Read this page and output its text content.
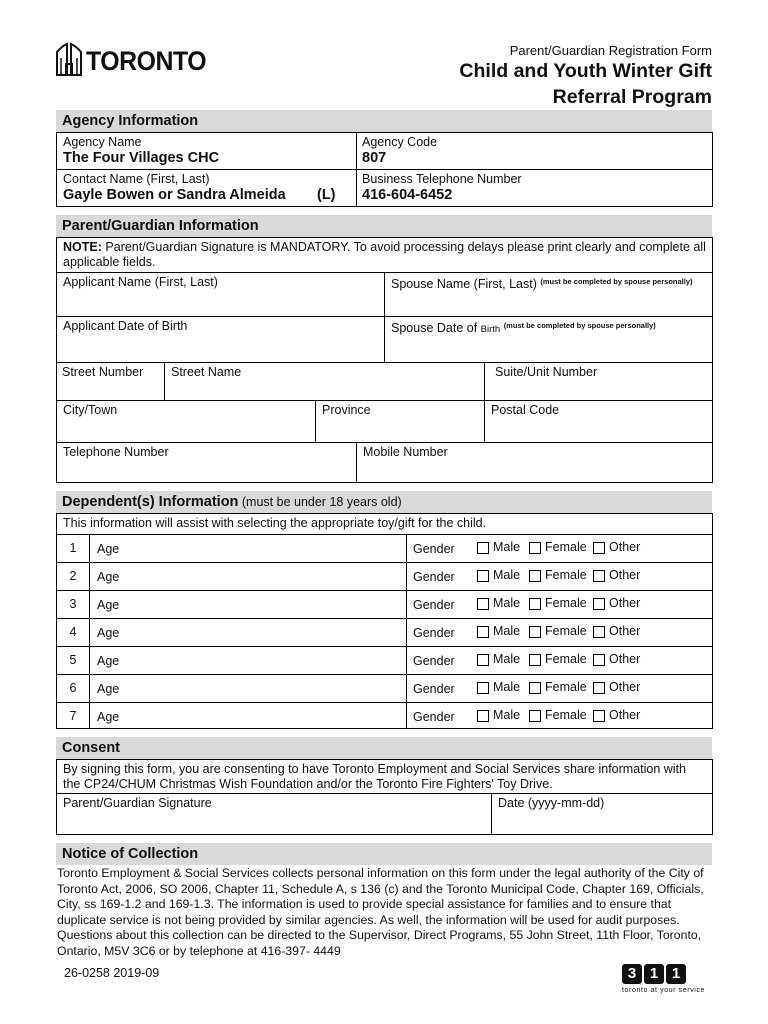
TORONTO	Parent/Guardian Registration Form
Child and Youth Winter Gift
Referral Program
Agency Information
Agency Name
The Four Villages CHC
Agency Code
807
Contact Name (First, Last)
Gayle Bowen or Sandra Almeida (L)
Business Telephone Number
416-604-6452
Parent/Guardian Information
NOTE: Parent/Guardian Signature is MANDATORY. To avoid processing delays please print clearly and complete all applicable fields.
Applicant Name (First, Last)	Spouse Name (First, Last) $^{(must be completed by spouse personally)}$
Applicant Date of Birth	Spouse Date of Birth $^{(must be completed by spouse personally)}$
Street Number	Street Name	Suite/Unit Number
City/Town	Province	Postal Code
Telephone Number	Mobile Number
Dependent(s) Information (must be under 18 years old)
This information will assist with selecting the appropriate toy/gift for the child.
1	Age	Gender	Male Female Other
2	Age	Gender	Male Female Other
3	Age	Gender	Male Female Other
4	Age	Gender	Male Female Other
5	Age	Gender	Male Female Other
6	Age	Gender	Male Female Other
7	Age	Gender	Male Female Other
Consent
By signing this form, you are consenting to have Toronto Employment and Social Services share information with the CP24/CHUM Christmas Wish Foundation and/or the Toronto Fire Fighters' Toy Drive.
Parent/Guardian Signature	Date (yyyy-mm-dd)
Notice of Collection
Toronto Employment & Social Services collects personal information on this form under the legal authority of the City of Toronto Act, 2006, SO 2006, Chapter 11, Schedule A, s 136 (c) and the Toronto Municipal Code, Chapter 169, Officials, City, ss 169-1.2 and 169-1.3. The information is used to provide special assistance for families and to ensure that duplicate service is not being provided by similar agencies. As well, the information will be used for audit purposes. Questions about this collection can be directed to the Supervisor, Direct Programs, 55 John Street, 11th Floor, Toronto, Ontario, M5V 3C6 or by telephone at 416-397- 4449
26-0258 2019-09	3 1 1
toronto at your service
